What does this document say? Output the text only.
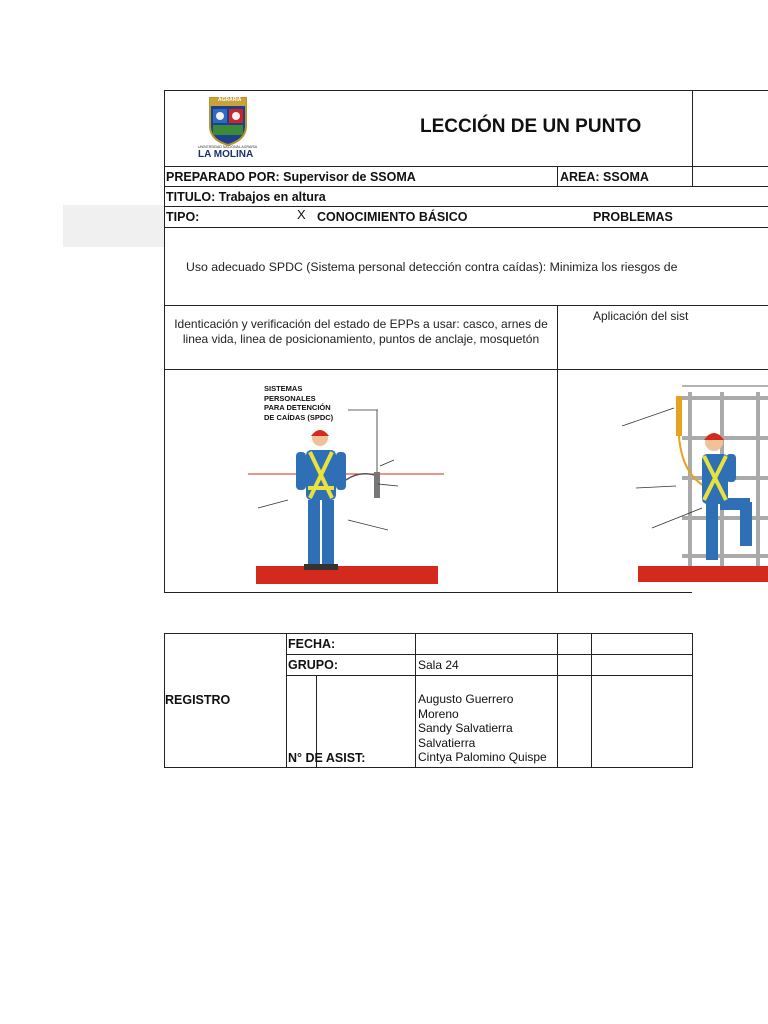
AGRARIA
UNIVERSIDAD NACIONAL AGRARIA
LA MOLINA
LECCIÓN DE UN PUNTO
PREPARADO POR: Supervisor de SSOMA	AREA: SSOMA
TITULO: Trabajos en altura
TIPO:	X CONOCIMIENTO BÁSICO	PROBLEMAS
Uso adecuado SPDC (Sistema personal detección contra caídas): Minimiza los riesgos de
Identicación y verificación del estado de EPPs a usar: casco, arnes de linea vida, linea de posicionamiento, puntos de anclaje, mosquetón
Aplicación del sist
SISTEMAS
PERSONALES
PARA DETENCIÓN
DE CAÍDAS (SPDC)
REGISTRO
FECHA:
GRUPO:	Sala 24
N° DE ASIST:
Augusto Guerrero
Moreno
Sandy Salvatierra
Salvatierra
Cintya Palomino Quispe
